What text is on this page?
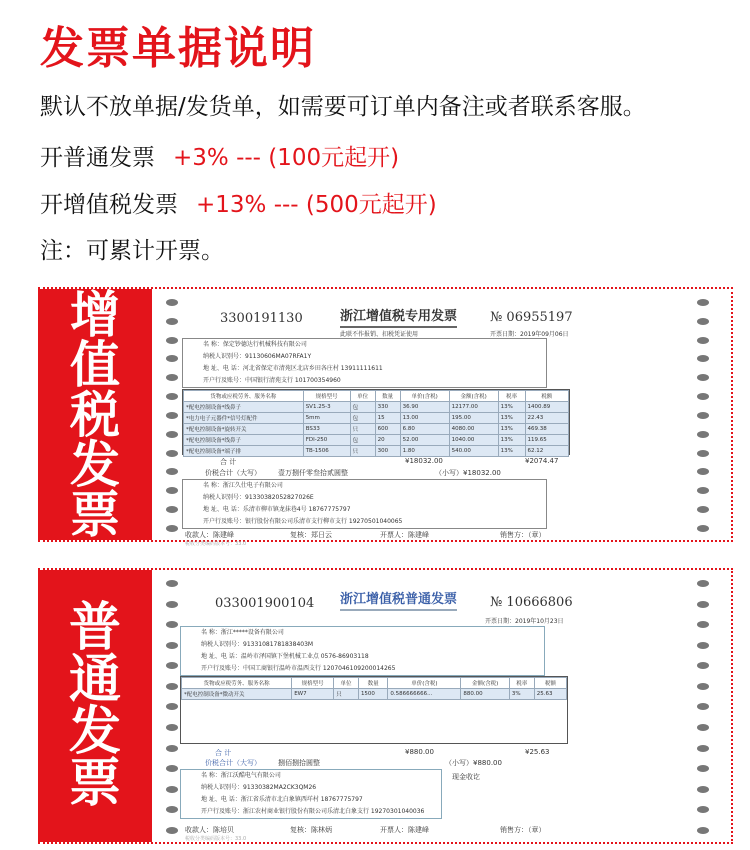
发票单据说明
默认不放单据/发货单，如需要可订单内备注或者联系客服。
开普通发票 +3% --- (100元起开)
开增值税发票 +13% --- (500元起开)
注：可累计开票。
增
值
税
发
票
3300191130	浙江增值税专用发票	№ 06955197
此联不作报销、扣税凭证使用	开票日期：2019年09月06日
名 称：保定钞德达行机械科技有限公司
纳税人识别号：91130606MA07RFA1Y
地 址、电 话：河北省保定市清苑区北店乡田各庄村 13911111611
开户行及账号：中国银行清苑支行 101700354960
货物或应税劳务、服务名称	规格型号	单位	数量	单价(含税)	金额(含税)	税率	税额
*配电控制设备*线鼻子	SV1.25-3	包	330	36.90	12177.00	13%	1400.89
*电力电子元器件*信号灯配件	5mm	包	15	13.00	195.00	13%	22.43
*配电控制设备*旋转开关	BS33	只	600	6.80	4080.00	13%	469.38
*配电控制设备*线鼻子	FDI-250	包	20	52.00	1040.00	13%	119.65
*配电控制设备*端子排	TB-1506	只	300	1.80	540.00	13%	62.12
合 计	¥18032.00	¥2074.47
价税合计（大写） 壹万捌仟零叁拾贰圆整	（小写）¥18032.00
名 称：浙江久仕电子有限公司
纳税人识别号：91330382052827026E
地 址、电 话：乐清市柳市镇龙抹巷4号 18767775797
开户行及账号：银行股份有限公司乐清市支行柳市支行 19270501040065
收款人：陈建峰	复核：郑日云	开票人：陈建峰	销售方：（章）
税收分类编码版本号：33.0
普
通
发
票
033001900104 浙江增值税普通发票	№ 10666806
开票日期：2019年10月23日
名 称：浙江*****设备有限公司
纳税人识别号：91331081781838403M
地 址、电 话：温岭市泽国镇下堡机械工业点 0576-86903118
开户行及账号：中国工商银行温岭市温西支行 1207046109200014265
货物或应税劳务、服务名称	规格型号	单位	数量	单价(含税)	金额(含税)	税率	税额
*配电控制设备*微动开关	EW7	只	1500	0.586666666...	880.00	3%	25.63
合 计	¥880.00	¥25.63
价税合计（大写） 捌佰捌拾圆整	（小写）¥880.00
名 称：浙江沃酷电气有限公司
纳税人识别号：91330382MA2CK3QM26
地 址、电 话：浙江省乐清市北白象镇西垟村 18767775797
开户行及账号：浙江农村商业银行股份有限公司乐清北白象支行 19270301040036
现金收讫
收款人：陈培贝	复核：陈林炳	开票人：陈建峰	销售方：（章）
税收分类编码版本号：33.0
